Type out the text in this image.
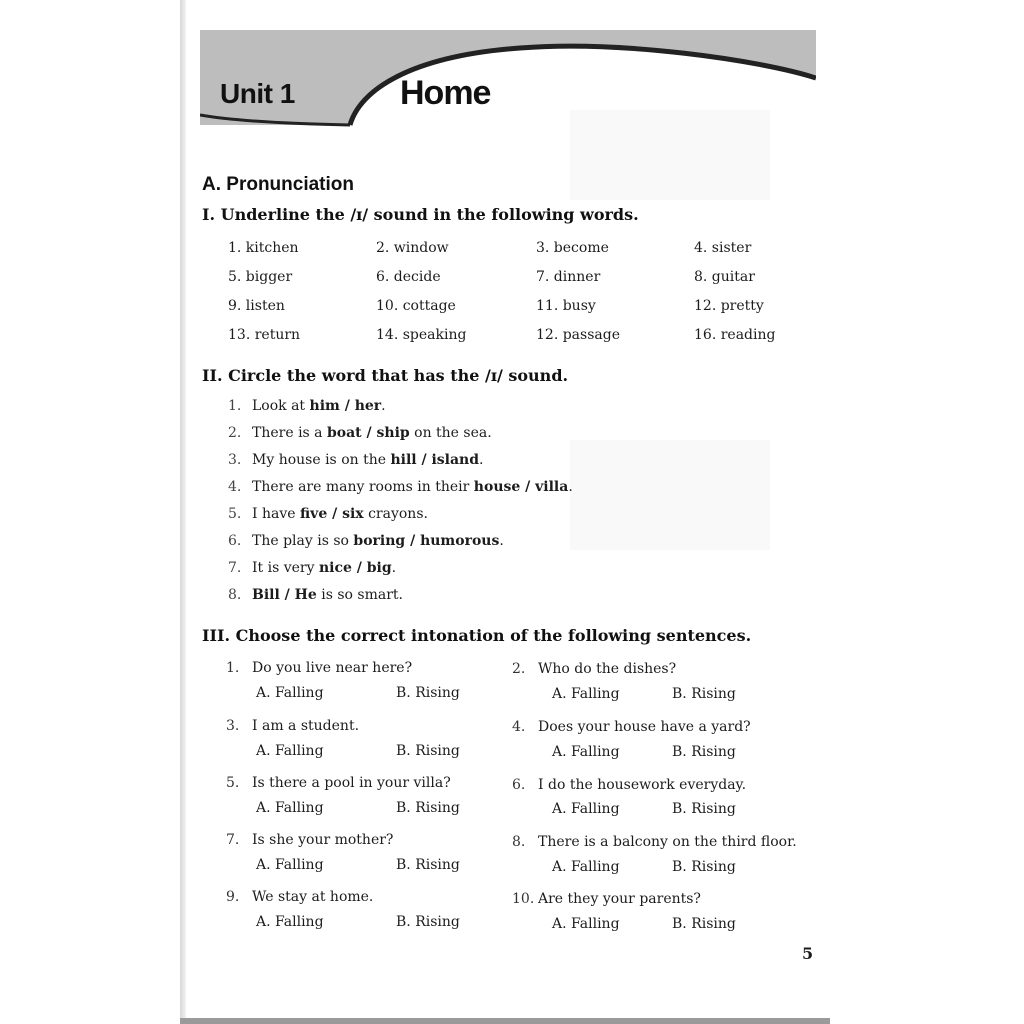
Unit 1	Home
A. Pronunciation
I. Underline the /ɪ/ sound in the following words.
1. kitchen	2. window	3. become	4. sister
5. bigger	6. decide	7. dinner	8. guitar
9. listen	10. cottage	11. busy	12. pretty
13. return	14. speaking	12. passage	16. reading
II. Circle the word that has the /ɪ/ sound.
1. Look at him / her.
2. There is a boat / ship on the sea.
3. My house is on the hill / island.
4. There are many rooms in their house / villa.
5. I have five / six crayons.
6. The play is so boring / humorous.
7. It is very nice / big.
8. Bill / He is so smart.
III. Choose the correct intonation of the following sentences.
1. Do you live near here?
A. Falling	B. Rising
2. Who do the dishes?
A. Falling	B. Rising
3. I am a student.
A. Falling	B. Rising
4. Does your house have a yard?
A. Falling	B. Rising
5. Is there a pool in your villa?
A. Falling	B. Rising
6. I do the housework everyday.
A. Falling	B. Rising
7. Is she your mother?
A. Falling	B. Rising
8. There is a balcony on the third floor.
A. Falling	B. Rising
9. We stay at home.
A. Falling	B. Rising
10. Are they your parents?
A. Falling	B. Rising
5
